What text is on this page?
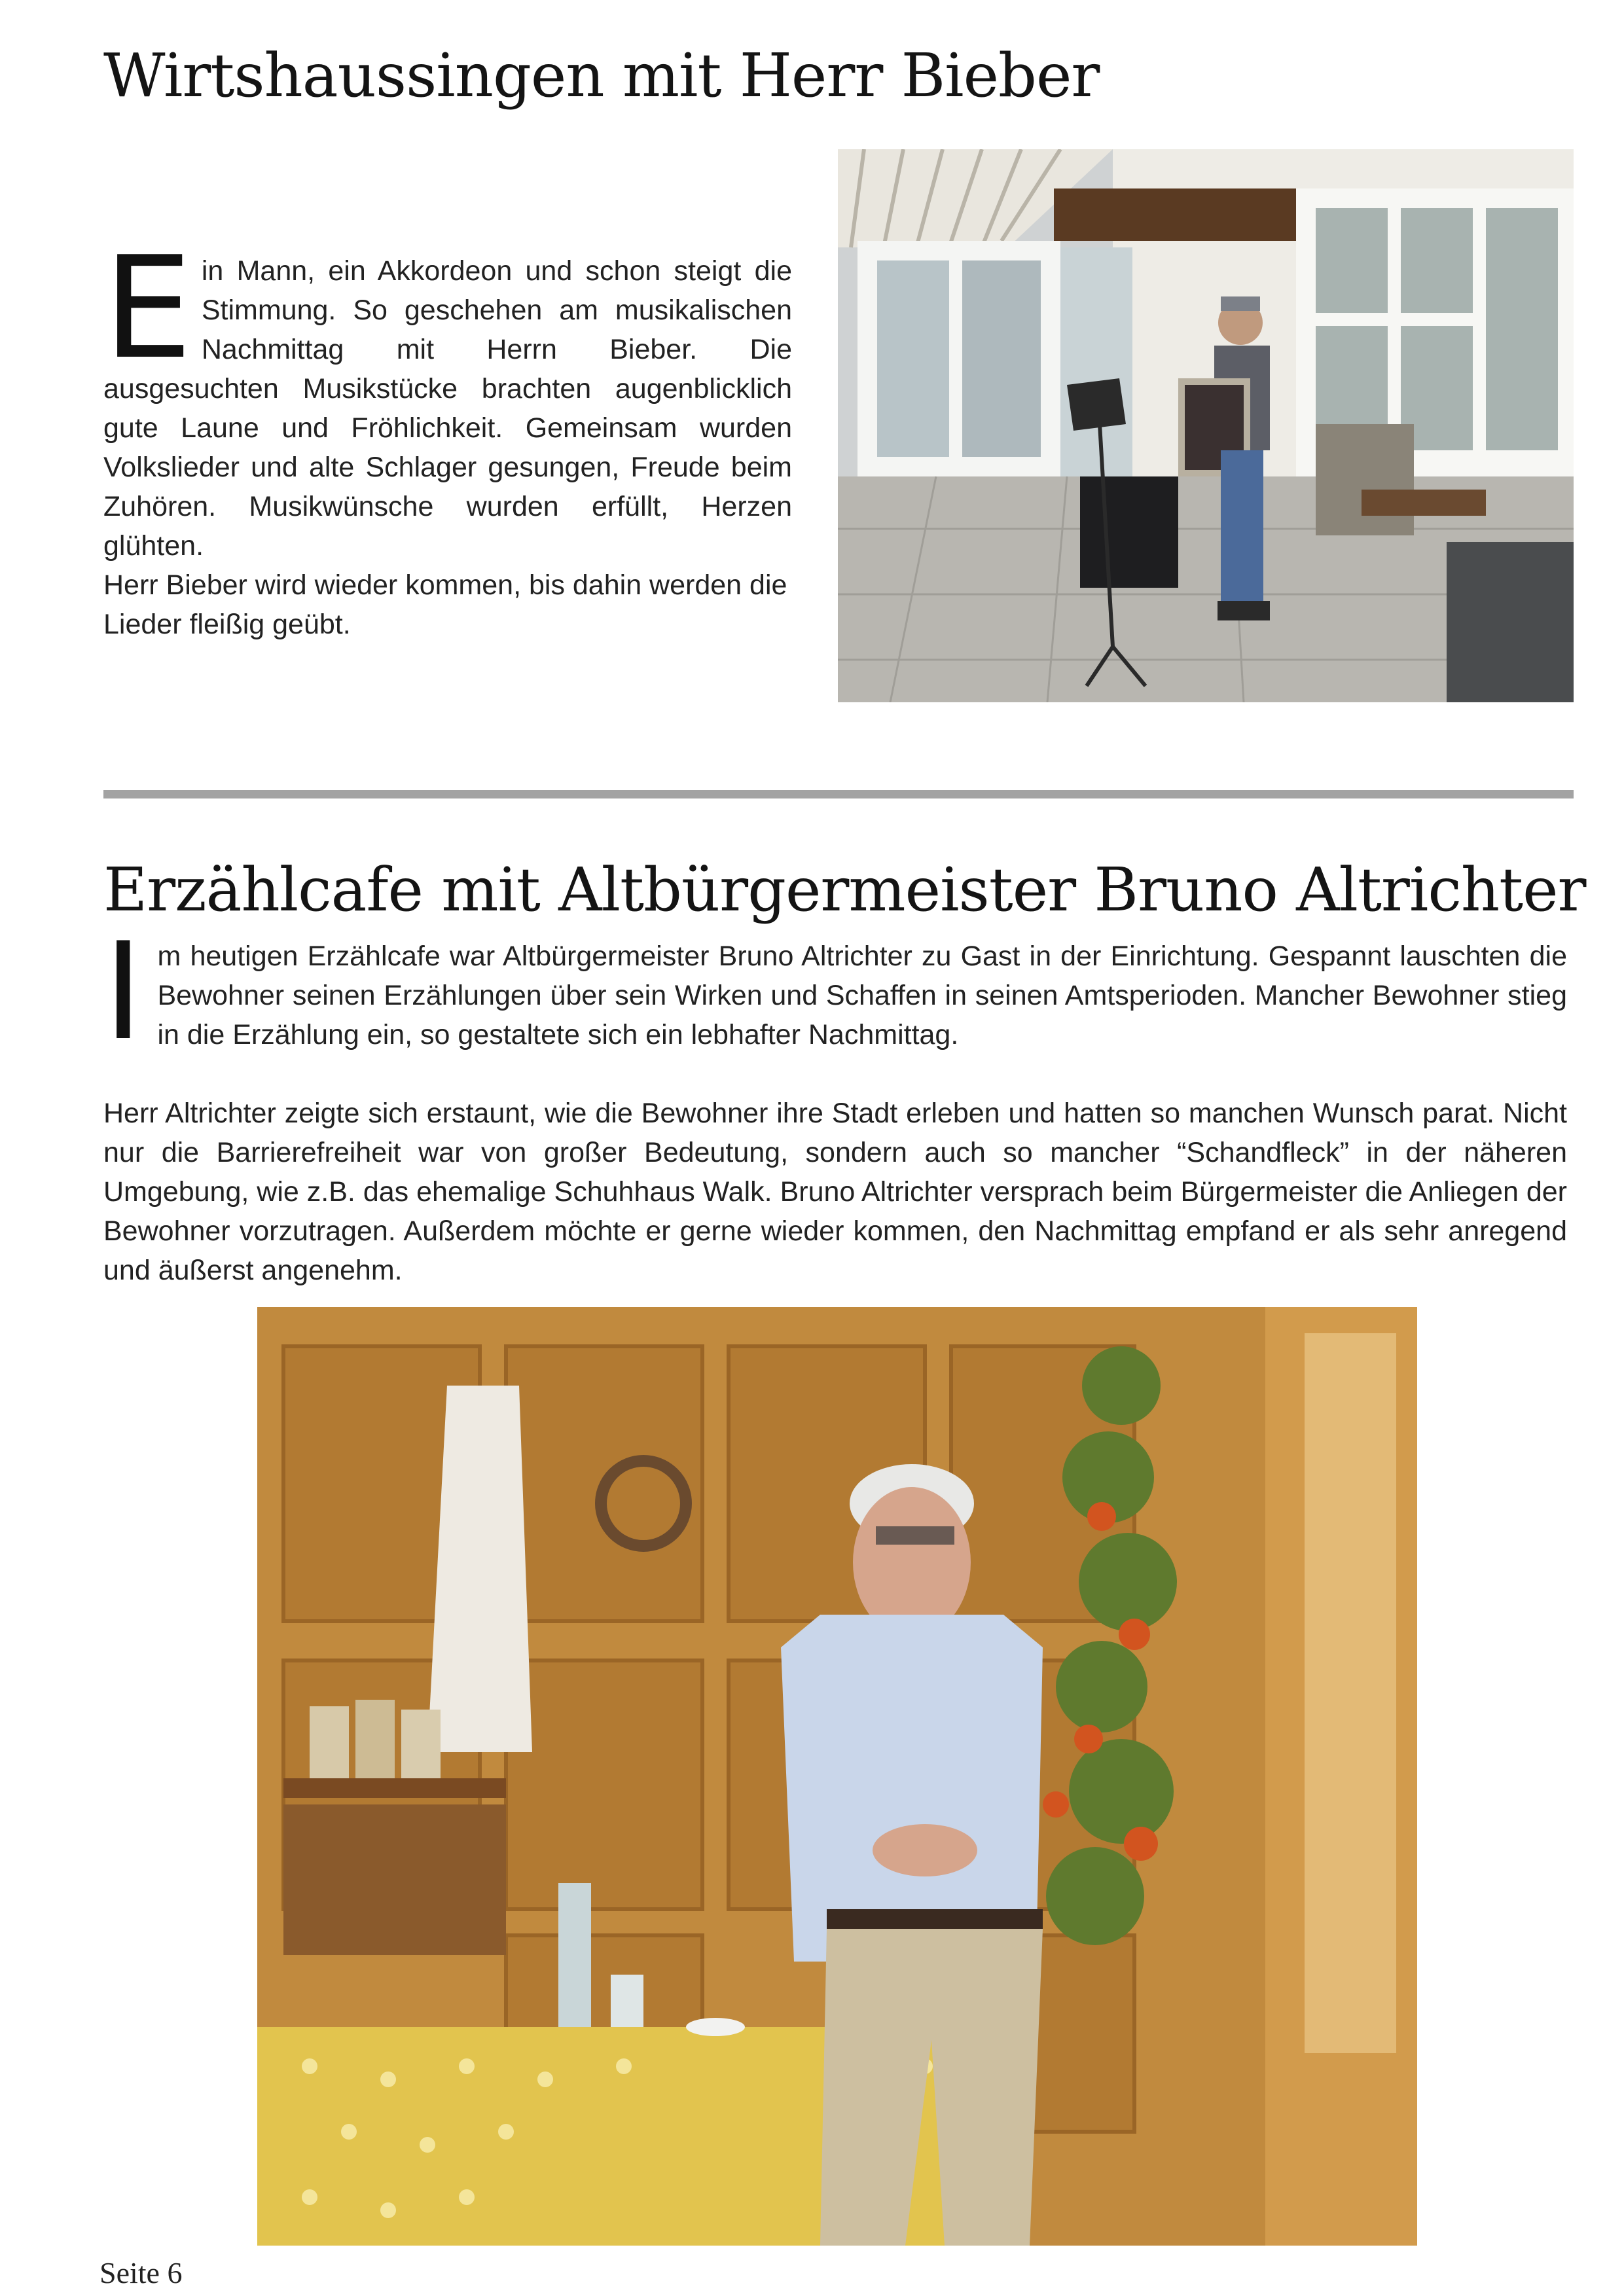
Wirtshaussingen mit Herr Bieber
E in Mann, ein Akkordeon und schon steigt die Stimmung. So geschehen am musikalischen Nachmittag mit Herrn Bieber. Die ausgesuchten Musikstücke brachten augenblicklich gute Laune und Fröhlichkeit. Gemeinsam wurden Volkslieder und alte Schlager gesungen, Freude beim Zuhören. Musikwünsche wurden erfüllt, Herzen glühten.

Herr Bieber wird wieder kommen, bis dahin werden die Lieder fleißig geübt.

Erzählcafe mit Altbürgermeister Bruno Altrichter
I m heutigen Erzählcafe war Altbürgermeister Bruno Altrichter zu Gast in der Einrichtung. Gespannt lauschten die Bewohner seinen Erzählungen über sein Wirken und Schaffen in seinen Amtsperioden. Mancher Bewohner stieg in die Erzählung ein, so gestaltete sich ein lebhafter Nachmittag.

Herr Altrichter zeigte sich erstaunt, wie die Bewohner ihre Stadt erleben und hatten so manchen Wunsch parat. Nicht nur die Barrierefreiheit war von großer Bedeutung, sondern auch so mancher “Schandfleck” in der näheren Umgebung, wie z.B. das ehemalige Schuhhaus Walk. Bruno Altrichter versprach beim Bürgermeister die Anliegen der Bewohner vorzutragen. Außerdem möchte er gerne wieder kommen, den Nachmittag empfand er als sehr anregend und äußerst angenehm.

Seite 6
